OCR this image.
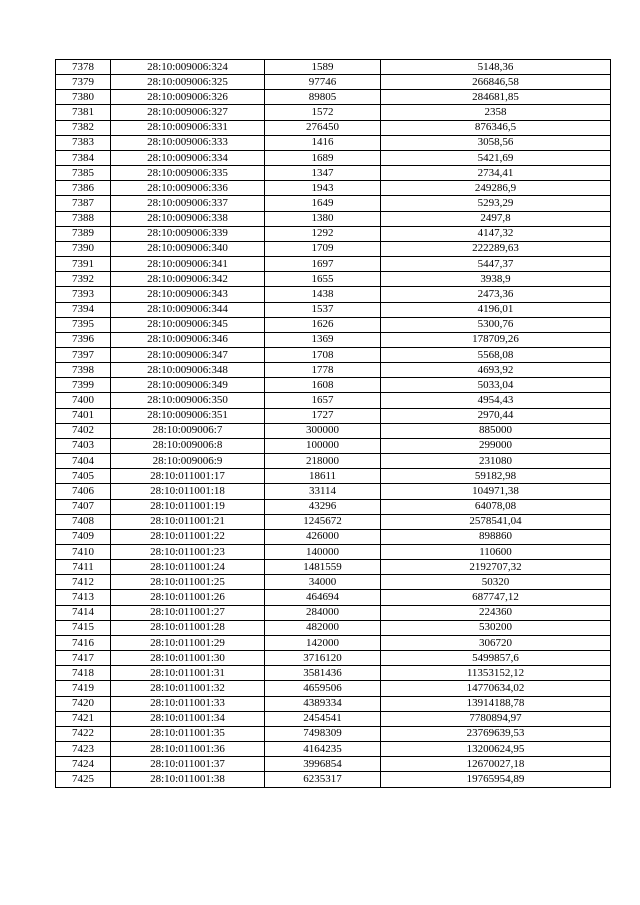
7378	28:10:009006:324	1589	5148,36
7379	28:10:009006:325	97746	266846,58
7380	28:10:009006:326	89805	284681,85
7381	28:10:009006:327	1572	2358
7382	28:10:009006:331	276450	876346,5
7383	28:10:009006:333	1416	3058,56
7384	28:10:009006:334	1689	5421,69
7385	28:10:009006:335	1347	2734,41
7386	28:10:009006:336	1943	249286,9
7387	28:10:009006:337	1649	5293,29
7388	28:10:009006:338	1380	2497,8
7389	28:10:009006:339	1292	4147,32
7390	28:10:009006:340	1709	222289,63
7391	28:10:009006:341	1697	5447,37
7392	28:10:009006:342	1655	3938,9
7393	28:10:009006:343	1438	2473,36
7394	28:10:009006:344	1537	4196,01
7395	28:10:009006:345	1626	5300,76
7396	28:10:009006:346	1369	178709,26
7397	28:10:009006:347	1708	5568,08
7398	28:10:009006:348	1778	4693,92
7399	28:10:009006:349	1608	5033,04
7400	28:10:009006:350	1657	4954,43
7401	28:10:009006:351	1727	2970,44
7402	28:10:009006:7	300000	885000
7403	28:10:009006:8	100000	299000
7404	28:10:009006:9	218000	231080
7405	28:10:011001:17	18611	59182,98
7406	28:10:011001:18	33114	104971,38
7407	28:10:011001:19	43296	64078,08
7408	28:10:011001:21	1245672	2578541,04
7409	28:10:011001:22	426000	898860
7410	28:10:011001:23	140000	110600
7411	28:10:011001:24	1481559	2192707,32
7412	28:10:011001:25	34000	50320
7413	28:10:011001:26	464694	687747,12
7414	28:10:011001:27	284000	224360
7415	28:10:011001:28	482000	530200
7416	28:10:011001:29	142000	306720
7417	28:10:011001:30	3716120	5499857,6
7418	28:10:011001:31	3581436	11353152,12
7419	28:10:011001:32	4659506	14770634,02
7420	28:10:011001:33	4389334	13914188,78
7421	28:10:011001:34	2454541	7780894,97
7422	28:10:011001:35	7498309	23769639,53
7423	28:10:011001:36	4164235	13200624,95
7424	28:10:011001:37	3996854	12670027,18
7425	28:10:011001:38	6235317	19765954,89
